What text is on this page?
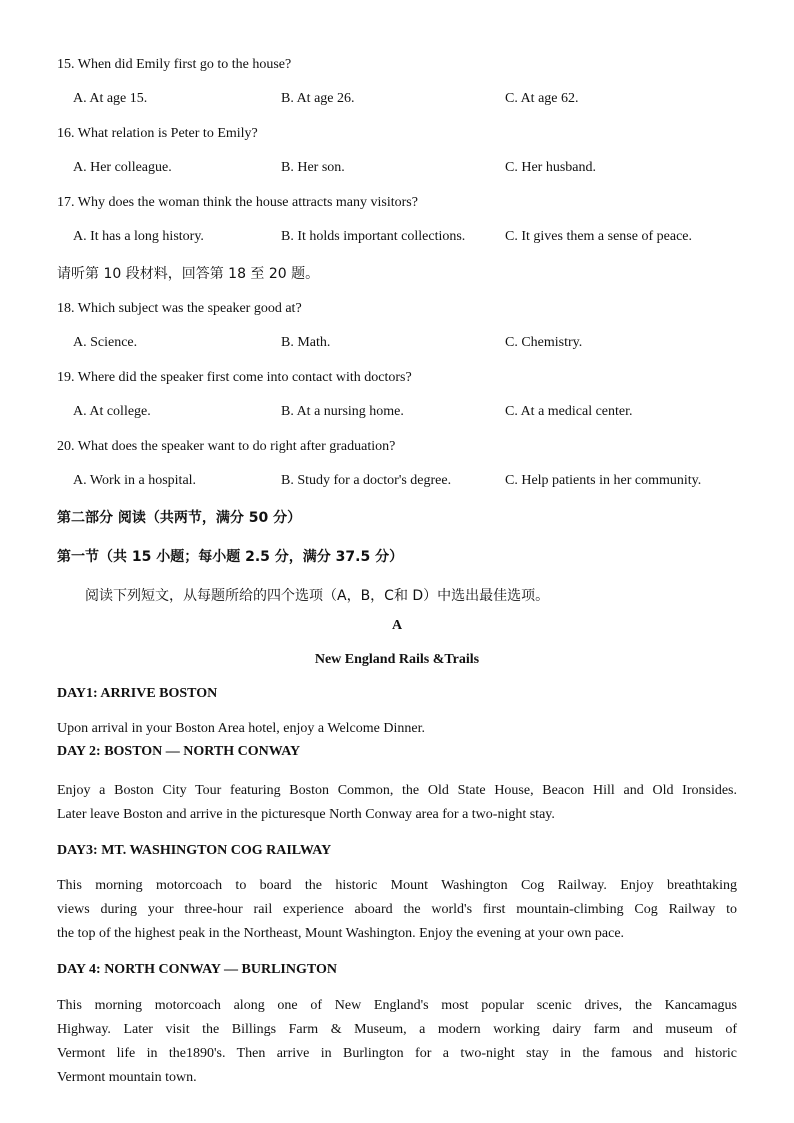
15. When did Emily first go to the house?
A. At age 15.	B. At age 26.	C. At age 62.
16. What relation is Peter to Emily?
A. Her colleague.	B. Her son.	C. Her husband.
17. Why does the woman think the house attracts many visitors?
A. It has a long history.	B. It holds important collections.	C. It gives them a sense of peace.
请听第 10 段材料，回答第 18 至 20 题。
18. Which subject was the speaker good at?
A. Science.	B. Math.	C. Chemistry.
19. Where did the speaker first come into contact with doctors?
A. At college.	B. At a nursing home.	C. At a medical center.
20. What does the speaker want to do right after graduation?
A. Work in a hospital.	B. Study for a doctor's degree.	C. Help patients in her community.
第二部分 阅读（共两节，满分 50 分）
第一节（共 15 小题；每小题 2.5 分，满分 37.5 分）
阅读下列短文，从每题所给的四个选项（A，B，C和 D）中选出最佳选项。
A
New England Rails &Trails
DAY1: ARRIVE BOSTON
Upon arrival in your Boston Area hotel, enjoy a Welcome Dinner.
DAY 2: BOSTON — NORTH CONWAY
Enjoy a Boston City Tour featuring Boston Common, the Old State House, Beacon Hill and Old Ironsides.
Later leave Boston and arrive in the picturesque North Conway area for a two-night stay.
DAY3: MT. WASHINGTON COG RAILWAY
This morning motorcoach to board the historic Mount Washington Cog Railway. Enjoy breathtaking
views during your three-hour rail experience aboard the world's first mountain-climbing Cog Railway to
the top of the highest peak in the Northeast, Mount Washington. Enjoy the evening at your own pace.
DAY 4: NORTH CONWAY — BURLINGTON
This morning motorcoach along one of New England's most popular scenic drives, the Kancamagus
Highway. Later visit the Billings Farm & Museum, a modern working dairy farm and museum of
Vermont life in the1890's. Then arrive in Burlington for a two-night stay in the famous and historic
Vermont mountain town.
